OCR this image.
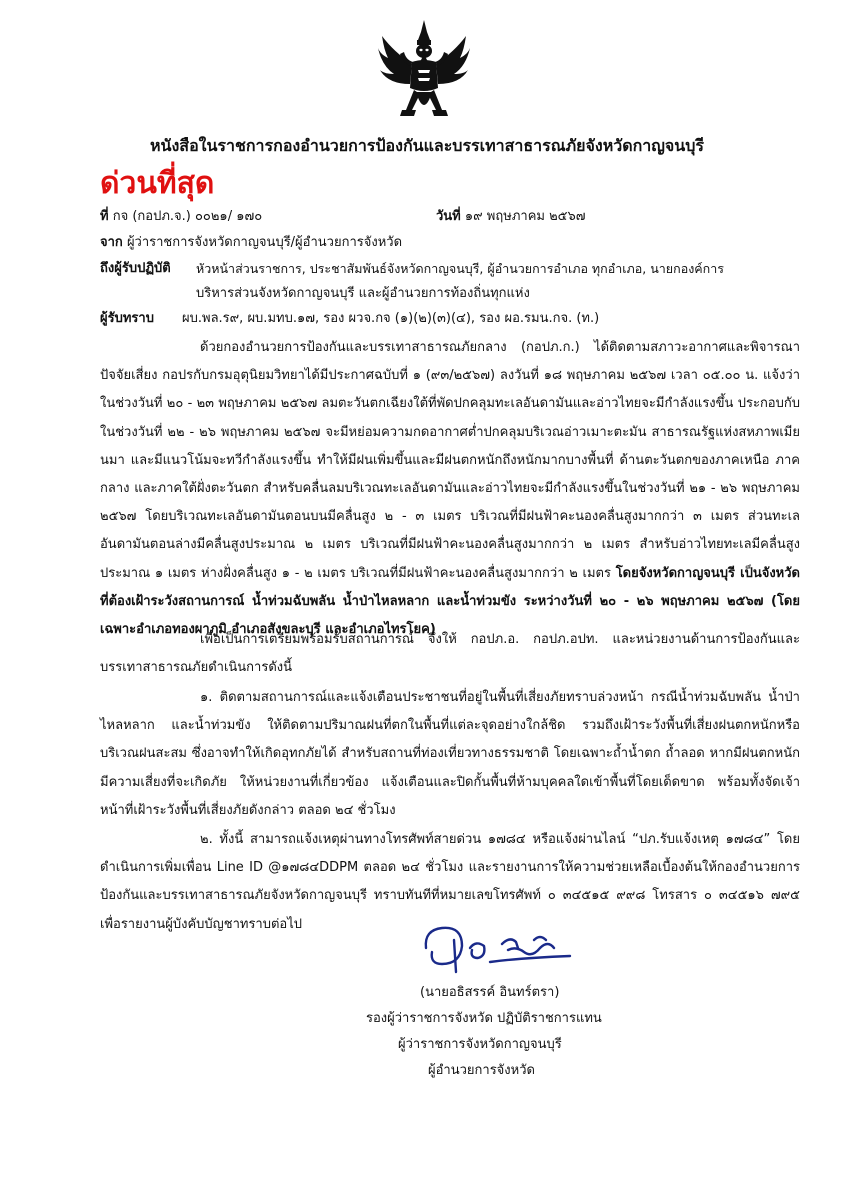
หนังสือในราชการกองอำนวยการป้องกันและบรรเทาสาธารณภัยจังหวัดกาญจนบุรี
ด่วนที่สุด
ที่ กจ (กอปภ.จ.) ๐๐๒๑/ ๑๗๐	วันที่ ๑๙ พฤษภาคม ๒๕๖๗
จาก ผู้ว่าราชการจังหวัดกาญจนบุรี/ผู้อำนวยการจังหวัด
ถึงผู้รับปฏิบัติ หัวหน้าส่วนราชการ, ประชาสัมพันธ์จังหวัดกาญจนบุรี, ผู้อำนวยการอำเภอ ทุกอำเภอ, นายกองค์การ
บริหารส่วนจังหวัดกาญจนบุรี และผู้อำนวยการท้องถิ่นทุกแห่ง
ผู้รับทราบ ผบ.พล.ร๙, ผบ.มทบ.๑๗, รอง ผวจ.กจ (๑)(๒)(๓)(๔), รอง ผอ.รมน.กจ. (ท.)
ด้วยกองอำนวยการป้องกันและบรรเทาสาธารณภัยกลาง (กอปภ.ก.) ได้ติดตามสภาวะอากาศและพิจารณาปัจจัยเสี่ยง กอปรกับกรมอุตุนิยมวิทยาได้มีประกาศฉบับที่ ๑ (๙๓/๒๕๖๗) ลงวันที่ ๑๘ พฤษภาคม ๒๕๖๗ เวลา ๐๕.๐๐ น. แจ้งว่า ในช่วงวันที่ ๒๐ - ๒๓ พฤษภาคม ๒๕๖๗ ลมตะวันตกเฉียงใต้ที่พัดปกคลุมทะเลอันดามันและอ่าวไทยจะมีกำลังแรงขึ้น ประกอบกับในช่วงวันที่ ๒๒ - ๒๖ พฤษภาคม ๒๕๖๗ จะมีหย่อมความกดอากาศต่ำปกคลุมบริเวณอ่าวเมาะตะมัน สาธารณรัฐแห่งสหภาพเมียนมา และมีแนวโน้มจะทวีกำลังแรงขึ้น ทำให้มีฝนเพิ่มขึ้นและมีฝนตกหนักถึงหนักมากบางพื้นที่ ด้านตะวันตกของภาคเหนือ ภาคกลาง และภาคใต้ฝั่งตะวันตก สำหรับคลื่นลมบริเวณทะเลอันดามันและอ่าวไทยจะมีกำลังแรงขึ้นในช่วงวันที่ ๒๑ - ๒๖ พฤษภาคม ๒๕๖๗ โดยบริเวณทะเลอันดามันตอนบนมีคลื่นสูง ๒ - ๓ เมตร บริเวณที่มีฝนฟ้าคะนองคลื่นสูงมากกว่า ๓ เมตร ส่วนทะเลอันดามันตอนล่างมีคลื่นสูงประมาณ ๒ เมตร บริเวณที่มีฝนฟ้าคะนองคลื่นสูงมากกว่า ๒ เมตร สำหรับอ่าวไทยทะเลมีคลื่นสูงประมาณ ๑ เมตร ห่างฝั่งคลื่นสูง ๑ - ๒ เมตร บริเวณที่มีฝนฟ้าคะนองคลื่นสูงมากกว่า ๒ เมตร โดยจังหวัดกาญจนบุรี เป็นจังหวัดที่ต้องเฝ้าระวังสถานการณ์ น้ำท่วมฉับพลัน น้ำป่าไหลหลาก และน้ำท่วมขัง ระหว่างวันที่ ๒๐ - ๒๖ พฤษภาคม ๒๕๖๗ (โดยเฉพาะอำเภอทองผาภูมิ อำเภอสังขละบุรี และอำเภอไทรโยค)
เพื่อเป็นการเตรียมพร้อมรับสถานการณ์ จึงให้ กอปภ.อ. กอปภ.อปท. และหน่วยงานด้านการป้องกันและบรรเทาสาธารณภัยดำเนินการดังนี้
๑. ติดตามสถานการณ์และแจ้งเตือนประชาชนที่อยู่ในพื้นที่เสี่ยงภัยทราบล่วงหน้า กรณีน้ำท่วมฉับพลัน น้ำป่าไหลหลาก และน้ำท่วมขัง ให้ติดตามปริมาณฝนที่ตกในพื้นที่แต่ละจุดอย่างใกล้ชิด รวมถึงเฝ้าระวังพื้นที่เสี่ยงฝนตกหนักหรือบริเวณฝนสะสม ซึ่งอาจทำให้เกิดอุทกภัยได้ สำหรับสถานที่ท่องเที่ยวทางธรรมชาติ โดยเฉพาะถ้ำน้ำตก ถ้ำลอด หากมีฝนตกหนักมีความเสี่ยงที่จะเกิดภัย ให้หน่วยงานที่เกี่ยวข้อง แจ้งเตือนและปิดกั้นพื้นที่ห้ามบุคคลใดเข้าพื้นที่โดยเด็ดขาด พร้อมทั้งจัดเจ้าหน้าที่เฝ้าระวังพื้นที่เสี่ยงภัยดังกล่าว ตลอด ๒๔ ชั่วโมง
๒. ทั้งนี้ สามารถแจ้งเหตุผ่านทางโทรศัพท์สายด่วน ๑๗๘๔ หรือแจ้งผ่านไลน์ “ปภ.รับแจ้งเหตุ ๑๗๘๔” โดยดำเนินการเพิ่มเพื่อน Line ID @๑๗๘๔DDPM ตลอด ๒๔ ชั่วโมง และรายงานการให้ความช่วยเหลือเบื้องต้นให้กองอำนวยการป้องกันและบรรเทาสาธารณภัยจังหวัดกาญจนบุรี ทราบทันทีที่หมายเลขโทรศัพท์ ๐ ๓๔๕๑๕ ๙๙๘ โทรสาร ๐ ๓๔๕๑๖ ๗๙๕ เพื่อรายงานผู้บังคับบัญชาทราบต่อไป
(นายอธิสรรค์ อินทร์ตรา)
รองผู้ว่าราชการจังหวัด ปฏิบัติราชการแทน
ผู้ว่าราชการจังหวัดกาญจนบุรี
ผู้อำนวยการจังหวัด
